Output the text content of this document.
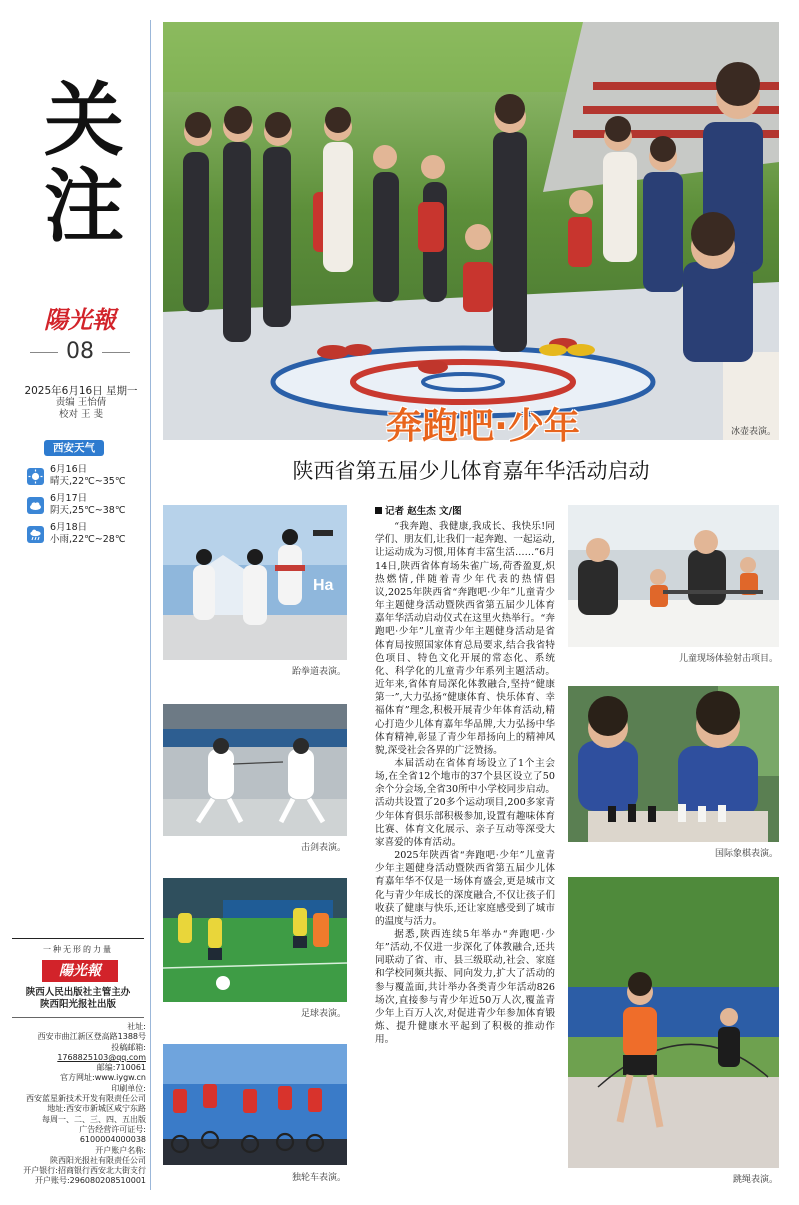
关
注
陽光報
08
2025年6月16日 星期一
责编 王怡倩
校对 王 斐
西安天气
6月16日
晴天,22℃~35℃
6月17日
阴天,25℃~38℃
6月18日
小雨,22℃~28℃
一种无形的力量
陽光報
陕西人民出版社主管主办
陕西阳光报社出版
社址:
西安市曲江新区登高路1388号
投稿邮箱:
1768825103@qq.com
邮编:710061
官方网址:www.iygw.cn
印刷单位:
西安蓝星新技术开发有限责任公司
地址:西安市新城区咸宁东路
每周一、二、三、四、五出版
广告经营许可证号:
6100004000038
开户账户名称:
陕西阳光报社有限责任公司
开户银行:招商银行西安北大街支行
开户账号:296080208510001
奔跑吧·少年	冰壶表演。
陕西省第五届少儿体育嘉年华活动启动
Ha
跆拳道表演。
击剑表演。
足球表演。
独轮车表演。
记者 赵生杰 文/图

“我奔跑、我健康,我成长、我快乐!同学们、朋友们,让我们一起奔跑、一起运动,让运动成为习惯,用体育丰富生活……”6月14日,陕西省体育场朱雀广场,荷香盈夏,炽热燃情,伴随着青少年代表的热情倡议,2025年陕西省“奔跑吧·少年”儿童青少年主题健身活动暨陕西省第五届少儿体育嘉年华活动启动仪式在这里火热举行。“奔跑吧·少年”儿童青少年主题健身活动是省体育局按照国家体育总局要求,结合我省特色项目、特色文化开展的常态化、系统化、科学化的儿童青少年系列主题活动。近年来,省体育局深化体教融合,坚持“健康第一”,大力弘扬“健康体育、快乐体育、幸福体育”理念,积极开展青少年体育活动,精心打造少儿体育嘉年华品牌,大力弘扬中华体育精神,彰显了青少年昂扬向上的精神风貌,深受社会各界的广泛赞扬。

本届活动在省体育场设立了1个主会场,在全省12个地市的37个县区设立了50余个分会场,全省30所中小学校同步启动。活动共设置了20多个运动项目,200多家青少年体育俱乐部积极参加,设置有趣味体育比赛、体育文化展示、亲子互动等深受大家喜爱的体育活动。

2025年陕西省“奔跑吧·少年”儿童青少年主题健身活动暨陕西省第五届少儿体育嘉年华不仅是一场体育盛会,更是城市文化与青少年成长的深度融合,不仅让孩子们收获了健康与快乐,还让家庭感受到了城市的温度与活力。

据悉,陕西连续5年举办“奔跑吧·少年”活动,不仅进一步深化了体教融合,还共同联动了省、市、县三级联动,社会、家庭和学校同频共振、同向发力,扩大了活动的参与覆盖面,共计举办各类青少年活动826场次,直接参与青少年近50万人次,覆盖青少年上百万人次,对促进青少年参加体育锻炼、提升健康水平起到了积极的推动作用。

儿童现场体验射击项目。
国际象棋表演。
跳绳表演。
